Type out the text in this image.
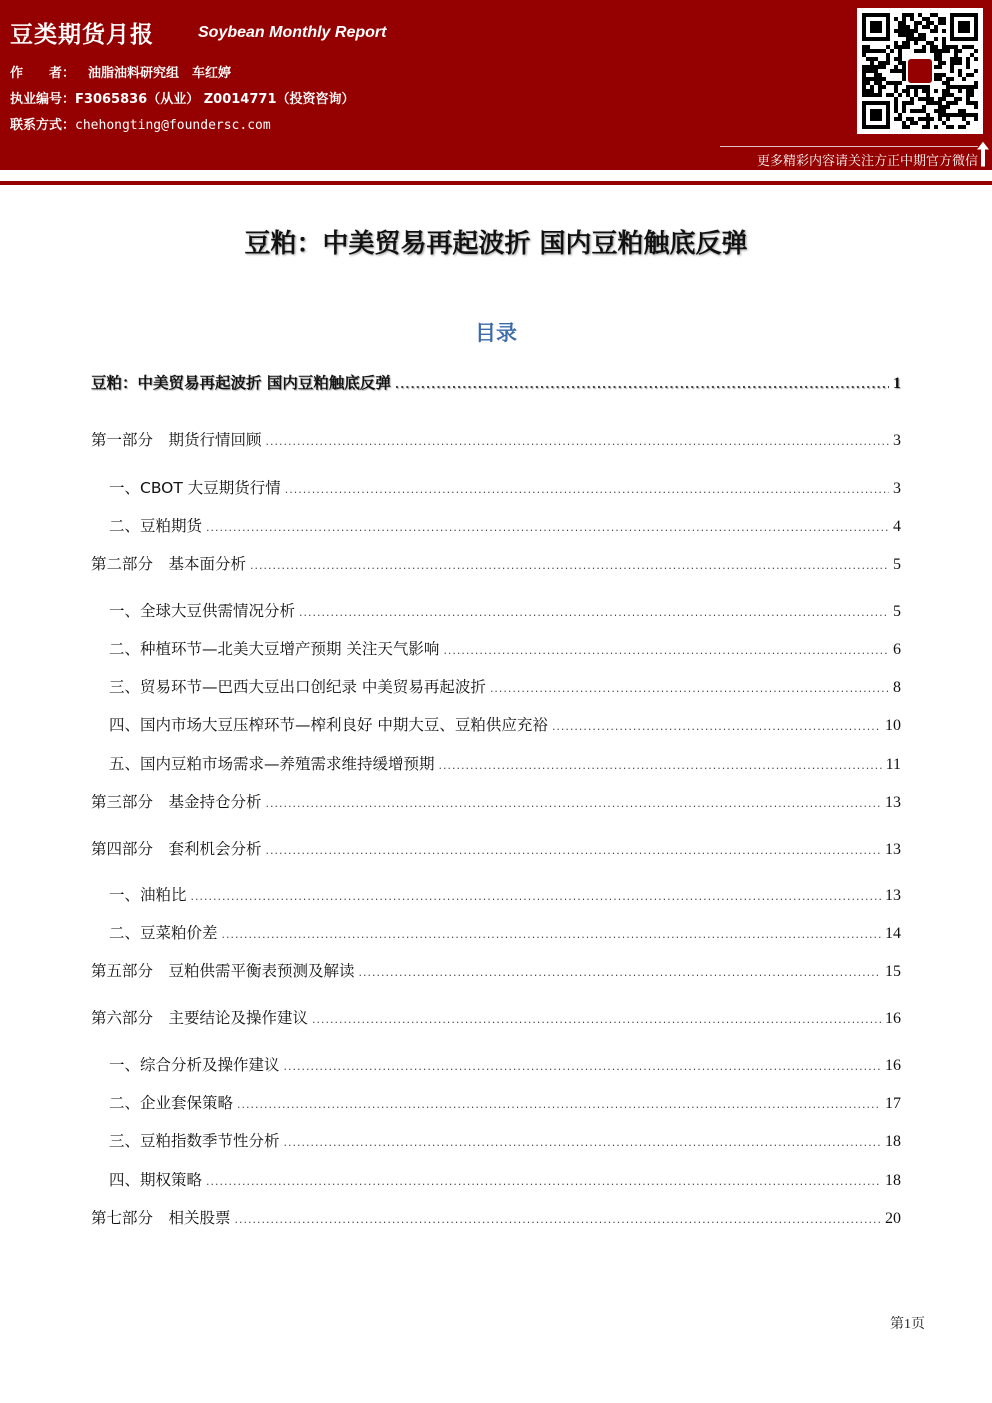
豆类期货月报	Soybean Monthly Report
作　　者： 油脂油料研究组　车红婷
执业编号：F3065836（从业） Z0014771（投资咨询）
联系方式：chehongting@foundersc.com
更多精彩内容请关注方正中期官方微信
豆粕：中美贸易再起波折 国内豆粕触底反弹
目录
豆粕：中美贸易再起波折 国内豆粕触底反弹 .....	1
第一部分　期货行情回顾 .....	3
一、CBOT 大豆期货行情 .....	3
二、豆粕期货 .....	4
第二部分　基本面分析 .....	5
一、全球大豆供需情况分析 .....	5
二、种植环节—北美大豆增产预期 关注天气影响 .....	6
三、贸易环节—巴西大豆出口创纪录 中美贸易再起波折 .....	8
四、国内市场大豆压榨环节—榨利良好 中期大豆、豆粕供应充裕 .....	10
五、国内豆粕市场需求—养殖需求维持缓增预期 .....	11
第三部分　基金持仓分析 .....	13
第四部分　套利机会分析 .....	13
一、油粕比 .....	13
二、豆菜粕价差 .....	14
第五部分　豆粕供需平衡表预测及解读 .....	15
第六部分　主要结论及操作建议 .....	16
一、综合分析及操作建议 .....	16
二、企业套保策略 .....	17
三、豆粕指数季节性分析 .....	18
四、期权策略 .....	18
第七部分　相关股票 .....	20
第1页
